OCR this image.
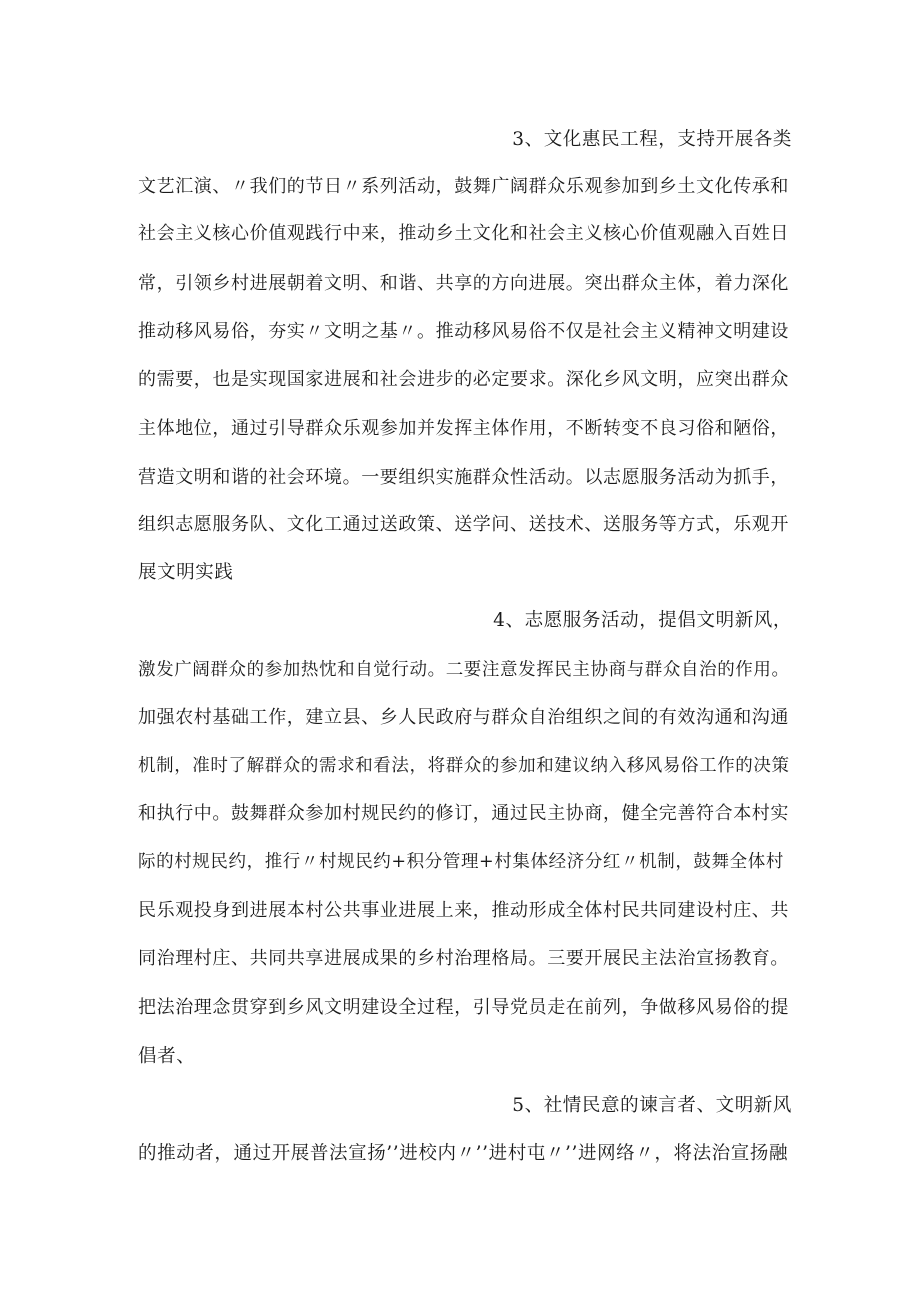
3、文化惠民工程，支持开展各类
文艺汇演、〃我们的节日〃系列活动，鼓舞广阔群众乐观参加到乡土文化传承和
社会主义核心价值观践行中来，推动乡土文化和社会主义核心价值观融入百姓日
常，引领乡村进展朝着文明、和谐、共享的方向进展。突出群众主体，着力深化
推动移风易俗，夯实〃文明之基〃。推动移风易俗不仅是社会主义精神文明建设
的需要，也是实现国家进展和社会进步的必定要求。深化乡风文明，应突出群众
主体地位，通过引导群众乐观参加并发挥主体作用，不断转变不良习俗和陋俗，
营造文明和谐的社会环境。一要组织实施群众性活动。以志愿服务活动为抓手，
组织志愿服务队、文化工通过送政策、送学问、送技术、送服务等方式，乐观开
展文明实践
4、志愿服务活动，提倡文明新风，
激发广阔群众的参加热忱和自觉行动。二要注意发挥民主协商与群众自治的作用。
加强农村基础工作，建立县、乡人民政府与群众自治组织之间的有效沟通和沟通
机制，准时了解群众的需求和看法，将群众的参加和建议纳入移风易俗工作的决策
和执行中。鼓舞群众参加村规民约的修订，通过民主协商，健全完善符合本村实
际的村规民约，推行〃村规民约+积分管理+村集体经济分红〃机制，鼓舞全体村
民乐观投身到进展本村公共事业进展上来，推动形成全体村民共同建设村庄、共
同治理村庄、共同共享进展成果的乡村治理格局。三要开展民主法治宣扬教育。
把法治理念贯穿到乡风文明建设全过程，引导党员走在前列，争做移风易俗的提
倡者、
5、社情民意的谏言者、文明新风
的推动者，通过开展普法宣扬’’进校内〃’’进村屯〃’’进网络〃，将法治宣扬融
